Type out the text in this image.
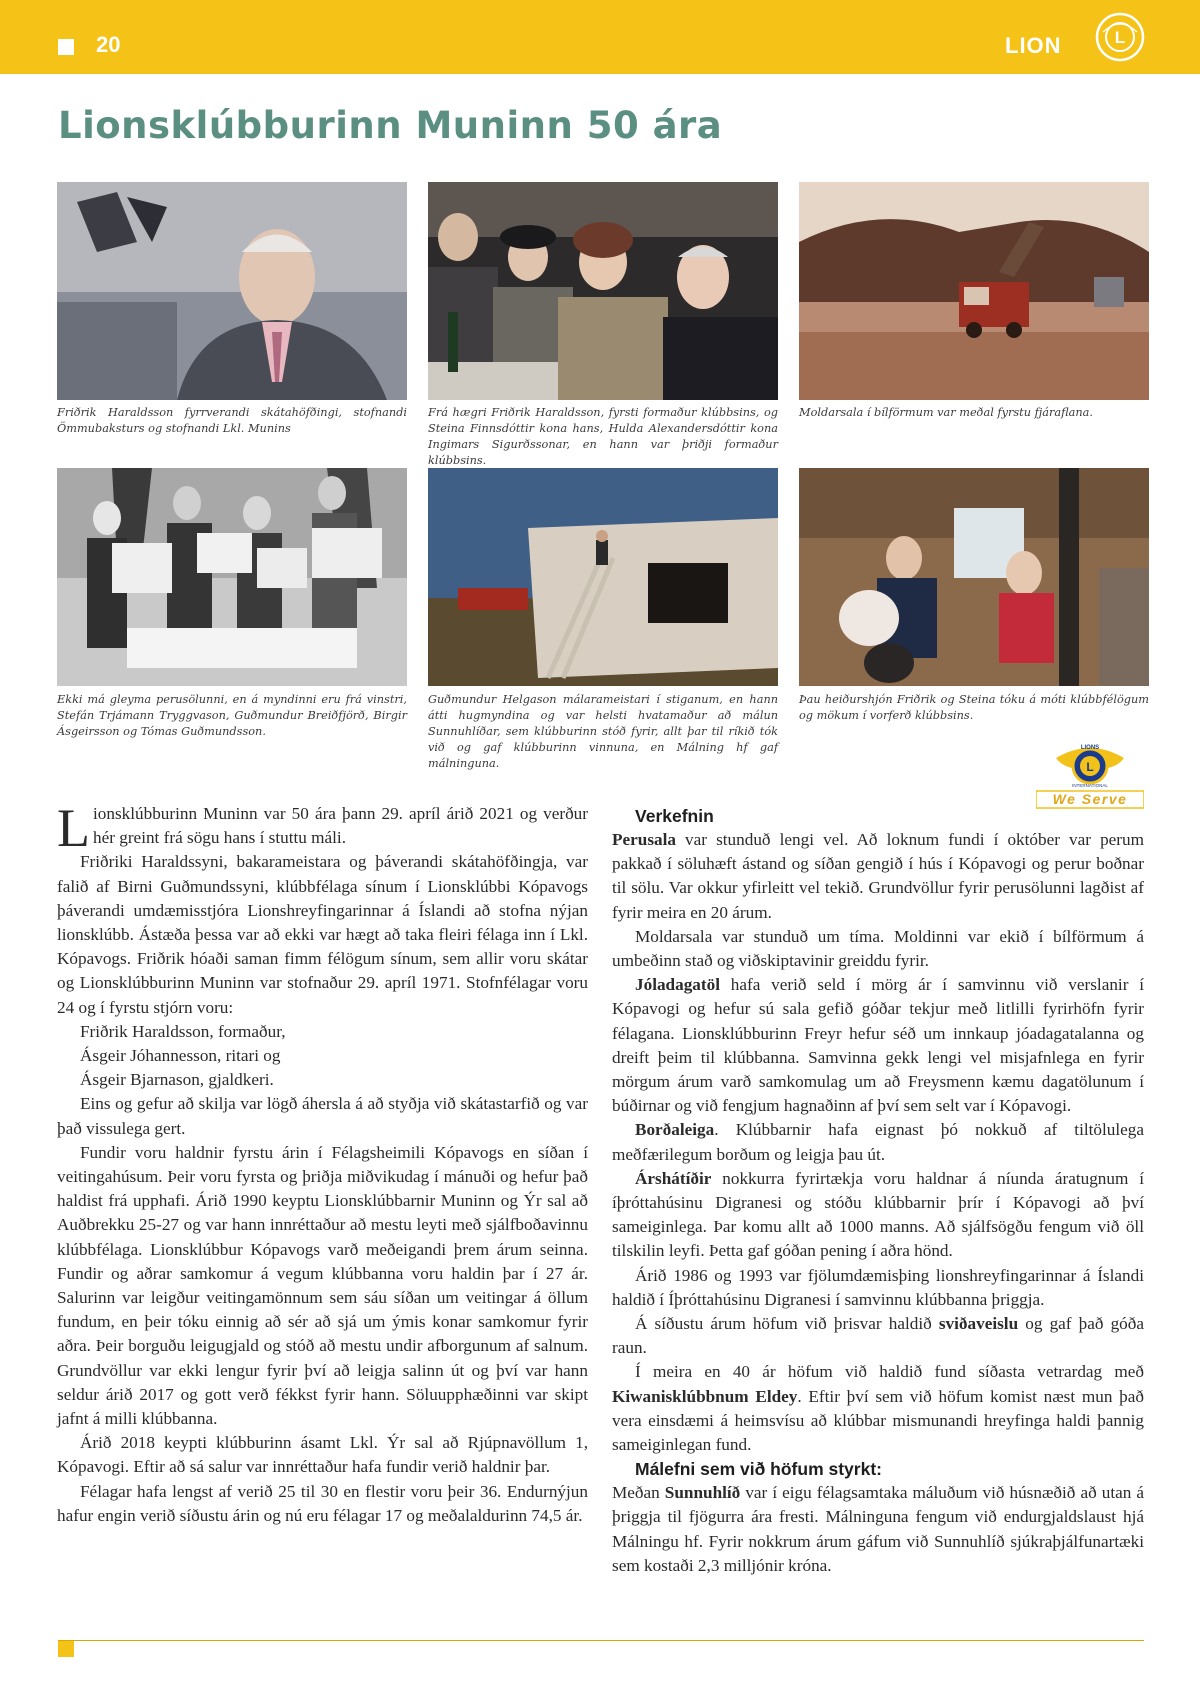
20	LION	L
Lionsklúbburinn Muninn 50 ára

Friðrik Haraldsson fyrrverandi skátahöfðingi, stofnandi Ömmubaksturs og stofnandi Lkl. Munins

Frá hægri Friðrik Haraldsson, fyrsti formaður klúbbsins, og Steina Finnsdóttir kona hans, Hulda Alexandersdóttir kona Ingimars Sigurðssonar, en hann var þriðji formaður klúbbsins.

Moldarsala í bílförmum var meðal fyrstu fjáraflana.

Ekki má gleyma perusölunni, en á myndinni eru frá vinstri, Stefán Trjámann Tryggvason, Guðmundur Breiðfjörð, Birgir Ásgeirsson og Tómas Guðmundsson.

Guðmundur Helgason málarameistari í stiganum, en hann átti hugmyndina og var helsti hvatamaður að málun Sunnuhlíðar, sem klúbburinn stóð fyrir, allt þar til ríkið tók við og gaf klúbburinn vinnuna, en Málning hf gaf málninguna.

Þau heiðurshjón Friðrik og Steina tóku á móti klúbbfélögum og mökum í vorferð klúbbsins.

L
LIONS
INTERNATIONAL
We Serve

Lionsklúbburinn Muninn var 50 ára þann 29. apríl árið 2021 og verður hér greint frá sögu hans í stuttu máli.

Friðriki Haraldssyni, bakarameistara og þáverandi skátahöfðingja, var falið af Birni Guðmundssyni, klúbbfélaga sínum í Lionsklúbbi Kópavogs þáverandi umdæmisstjóra Lionshreyfingarinnar á Íslandi að stofna nýjan lionsklúbb. Ástæða þessa var að ekki var hægt að taka fleiri félaga inn í Lkl. Kópavogs. Friðrik hóaði saman fimm félögum sínum, sem allir voru skátar og Lionsklúbburinn Muninn var stofnaður 29. apríl 1971. Stofnfélagar voru 24 og í fyrstu stjórn voru:

Friðrik Haraldsson, formaður,

Ásgeir Jóhannesson, ritari og

Ásgeir Bjarnason, gjaldkeri.

Eins og gefur að skilja var lögð áhersla á að styðja við skátastarfið og var það vissulega gert.

Fundir voru haldnir fyrstu árin í Félagsheimili Kópavogs en síðan í veitingahúsum. Þeir voru fyrsta og þriðja miðvikudag í mánuði og hefur það haldist frá upphafi. Árið 1990 keyptu Lionsklúbbarnir Muninn og Ýr sal að Auðbrekku 25-27 og var hann innréttaður að mestu leyti með sjálfboðavinnu klúbbfélaga. Lionsklúbbur Kópavogs varð meðeigandi þrem árum seinna. Fundir og aðrar samkomur á vegum klúbbanna voru haldin þar í 27 ár. Salurinn var leigður veitingamönnum sem sáu síðan um veitingar á öllum fundum, en þeir tóku einnig að sér að sjá um ýmis konar samkomur fyrir aðra. Þeir borguðu leigugjald og stóð að mestu undir afborgunum af salnum. Grundvöllur var ekki lengur fyrir því að leigja salinn út og því var hann seldur árið 2017 og gott verð fékkst fyrir hann. Söluupphæðinni var skipt jafnt á milli klúbbanna.

Árið 2018 keypti klúbburinn ásamt Lkl. Ýr sal að Rjúpnavöllum 1, Kópavogi. Eftir að sá salur var innréttaður hafa fundir verið haldnir þar.

Félagar hafa lengst af verið 25 til 30 en flestir voru þeir 36. Endurnýjun hafur engin verið síðustu árin og nú eru félagar 17 og meðalaldurinn 74,5 ár.

Verkefnin

Perusala var stunduð lengi vel. Að loknum fundi í október var perum pakkað í söluhæft ástand og síðan gengið í hús í Kópavogi og perur boðnar til sölu. Var okkur yfirleitt vel tekið. Grundvöllur fyrir perusölunni lagðist af fyrir meira en 20 árum.

Moldarsala var stunduð um tíma. Moldinni var ekið í bílförmum á umbeðinn stað og viðskiptavinir greiddu fyrir.

Jóladagatöl hafa verið seld í mörg ár í samvinnu við verslanir í Kópavogi og hefur sú sala gefið góðar tekjur með litlilli fyrirhöfn fyrir félagana. Lionsklúbburinn Freyr hefur séð um innkaup jóadagatalanna og dreift þeim til klúbbanna. Samvinna gekk lengi vel misjafnlega en fyrir mörgum árum varð samkomulag um að Freysmenn kæmu dagatölunum í búðirnar og við fengjum hagnaðinn af því sem selt var í Kópavogi.

Borðaleiga. Klúbbarnir hafa eignast þó nokkuð af tiltölulega meðfærilegum borðum og leigja þau út.

Árshátíðir nokkurra fyrirtækja voru haldnar á níunda áratugnum í íþróttahúsinu Digranesi og stóðu klúbbarnir þrír í Kópavogi að því sameiginlega. Þar komu allt að 1000 manns. Að sjálfsögðu fengum við öll tilskilin leyfi. Þetta gaf góðan pening í aðra hönd.

Árið 1986 og 1993 var fjölumdæmisþing lionshreyfingarinnar á Íslandi haldið í Íþróttahúsinu Digranesi í samvinnu klúbbanna þriggja.

Á síðustu árum höfum við þrisvar haldið sviðaveislu og gaf það góða raun.

Í meira en 40 ár höfum við haldið fund síðasta vetrardag með Kiwanisklúbbnum Eldey. Eftir því sem við höfum komist næst mun það vera einsdæmi á heimsvísu að klúbbar mismunandi hreyfinga haldi þannig sameiginlegan fund.

Málefni sem við höfum styrkt:

Meðan Sunnuhlíð var í eigu félagsamtaka máluðum við húsnæðið að utan á þriggja til fjögurra ára fresti. Málninguna fengum við endurgjaldslaust hjá Málningu hf. Fyrir nokkrum árum gáfum við Sunnuhlíð sjúkraþjálfunartæki sem kostaði 2,3 milljónir króna.
